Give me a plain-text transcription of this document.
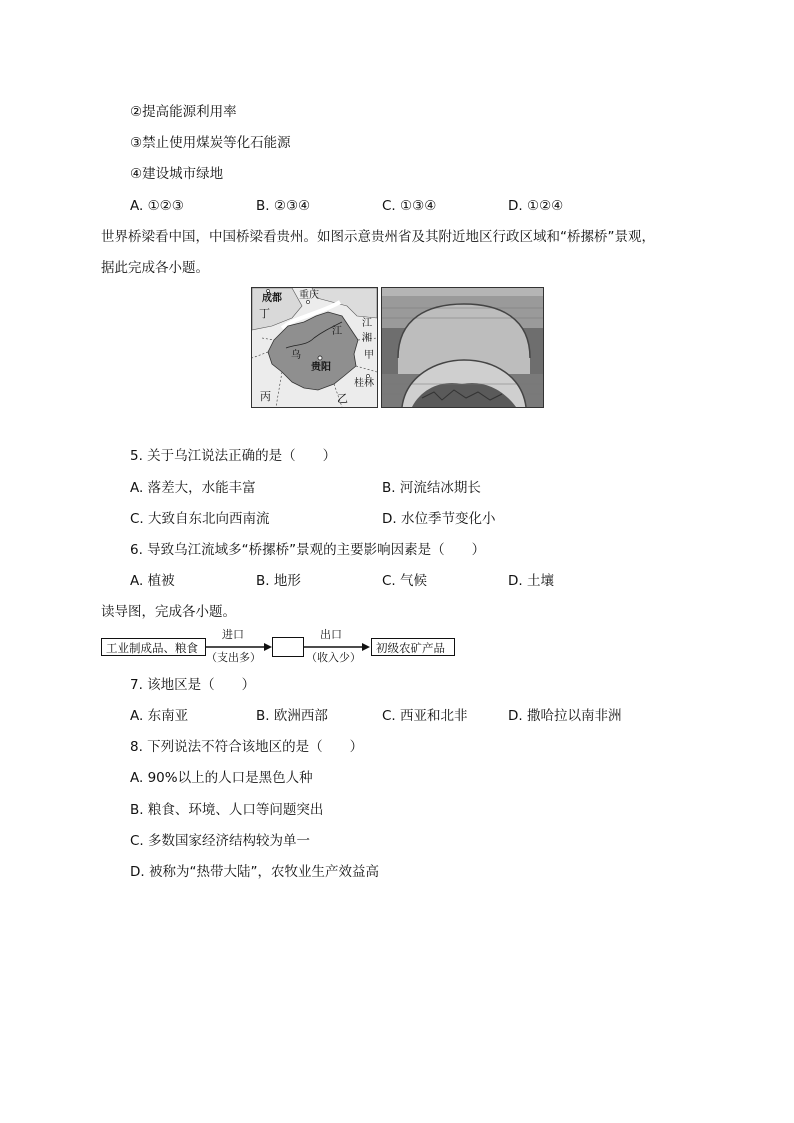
②提高能源利用率
③禁止使用煤炭等化石能源
④建设城市绿地
A. ①②③	B. ②③④	C. ①③④	D. ①②④
世界桥梁看中国，中国桥梁看贵州。如图示意贵州省及其附近地区行政区域和“桥摞桥”景观，
据此完成各小题。
成都 重庆
丁
乌
江
贵阳
江
湘
甲
桂林
丙	乙
5. 关于乌江说法正确的是（　　）
A. 落差大，水能丰富	B. 河流结冰期长
C. 大致自东北向西南流	D. 水位季节变化小
6. 导致乌江流域多“桥摞桥”景观的主要影响因素是（　　）
A. 植被	B. 地形	C. 气候	D. 土壤
读导图，完成各小题。
工业制成品、粮食
进口
（支出多）
出口
（收入少）
初级农矿产品
7. 该地区是（　　）
A. 东南亚	B. 欧洲西部	C. 西亚和北非	D. 撒哈拉以南非洲
8. 下列说法不符合该地区的是（　　）
A. 90%以上的人口是黑色人种
B. 粮食、环境、人口等问题突出
C. 多数国家经济结构较为单一
D. 被称为“热带大陆”，农牧业生产效益高
